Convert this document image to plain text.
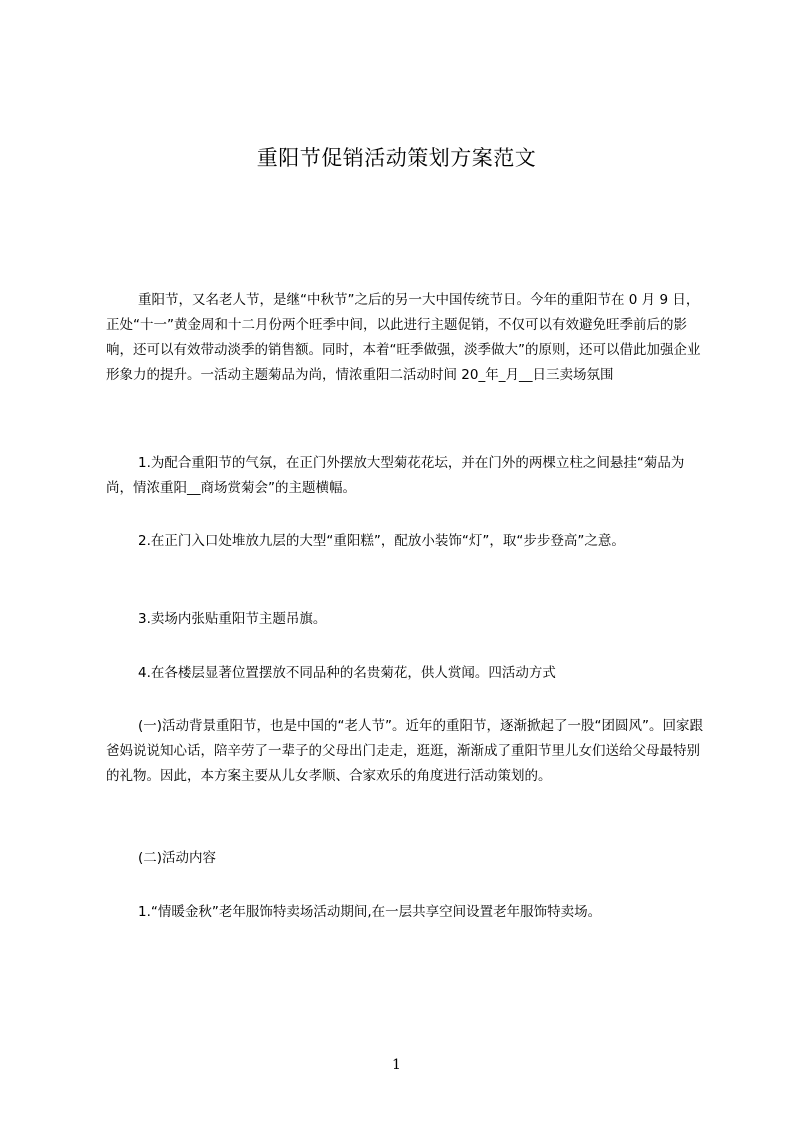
重阳节促销活动策划方案范文

重阳节，又名老人节，是继“中秋节”之后的另一大中国传统节日。今年的重阳节在 0 月 9 日，正处“十一”黄金周和十二月份两个旺季中间，以此进行主题促销，不仅可以有效避免旺季前后的影响，还可以有效带动淡季的销售额。同时，本着“旺季做强，淡季做大”的原则，还可以借此加强企业形象力的提升。一活动主题菊品为尚，情浓重阳二活动时间 20_年_月__日三卖场氛围

1.为配合重阳节的气氛，在正门外摆放大型菊花花坛，并在门外的两棵立柱之间悬挂“菊品为尚，情浓重阳__商场赏菊会”的主题横幅。

2.在正门入口处堆放九层的大型“重阳糕”，配放小装饰“灯”，取“步步登高”之意。

3.卖场内张贴重阳节主题吊旗。

4.在各楼层显著位置摆放不同品种的名贵菊花，供人赏闻。四活动方式

(一)活动背景重阳节，也是中国的“老人节”。近年的重阳节，逐渐掀起了一股“团圆风”。回家跟爸妈说说知心话，陪辛劳了一辈子的父母出门走走，逛逛，渐渐成了重阳节里儿女们送给父母最特别的礼物。因此，本方案主要从儿女孝顺、合家欢乐的角度进行活动策划的。

(二)活动内容

1.“情暖金秋”老年服饰特卖场活动期间,在一层共享空间设置老年服饰特卖场。

1
